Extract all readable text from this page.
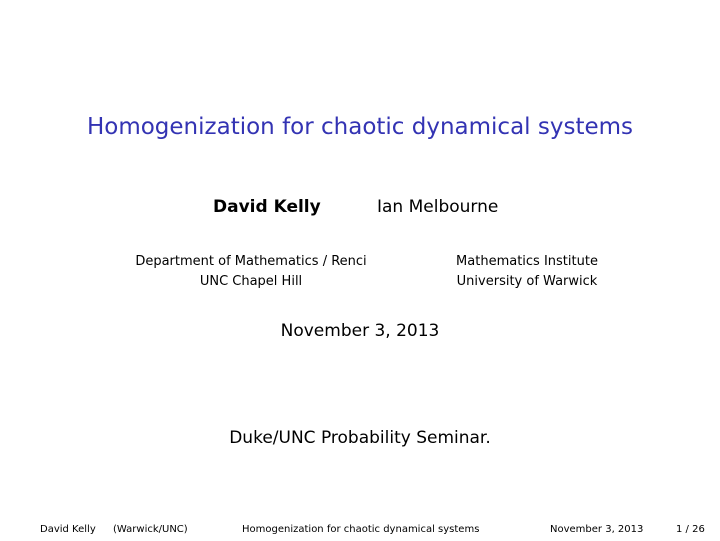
Homogenization for chaotic dynamical systems
David Kelly	Ian Melbourne
Department of Mathematics / Renci
UNC Chapel Hill
Mathematics Institute
University of Warwick
November 3, 2013
Duke/UNC Probability Seminar.
David Kelly (Warwick/UNC)	Homogenization for chaotic dynamical systems	November 3, 2013	1 / 26
